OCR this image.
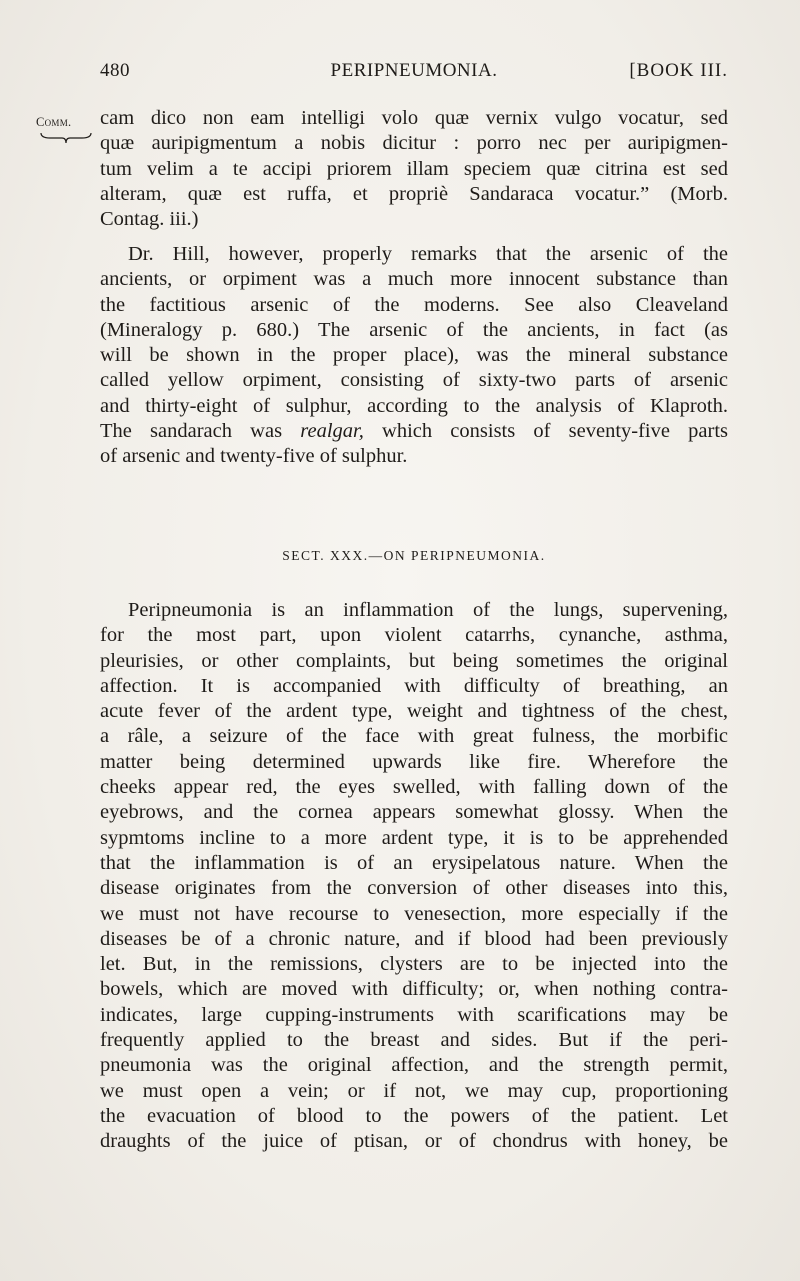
480	PERIPNEUMONIA.	[BOOK III.
Comm.	cam dico non eam intelligi volo quæ vernix vulgo vocatur, sed
quæ auripigmentum a nobis dicitur : porro nec per auripigmen-
tum velim a te accipi priorem illam speciem quæ citrina est sed
alteram, quæ est ruffa, et propriè Sandaraca vocatur.” (Morb.
Contag. iii.)
Dr. Hill, however, properly remarks that the arsenic of the
ancients, or orpiment was a much more innocent substance than
the factitious arsenic of the moderns. See also Cleaveland
(Mineralogy p. 680.) The arsenic of the ancients, in fact (as
will be shown in the proper place), was the mineral substance
called yellow orpiment, consisting of sixty-two parts of arsenic
and thirty-eight of sulphur, according to the analysis of Klaproth.
The sandarach was realgar, which consists of seventy-five parts
of arsenic and twenty-five of sulphur.
SECT. XXX.—ON PERIPNEUMONIA.
Peripneumonia is an inflammation of the lungs, supervening,
for the most part, upon violent catarrhs, cynanche, asthma,
pleurisies, or other complaints, but being sometimes the original
affection. It is accompanied with difficulty of breathing, an
acute fever of the ardent type, weight and tightness of the chest,
a râle, a seizure of the face with great fulness, the morbific
matter being determined upwards like fire. Wherefore the
cheeks appear red, the eyes swelled, with falling down of the
eyebrows, and the cornea appears somewhat glossy. When the
sypmtoms incline to a more ardent type, it is to be apprehended
that the inflammation is of an erysipelatous nature. When the
disease originates from the conversion of other diseases into this,
we must not have recourse to venesection, more especially if the
diseases be of a chronic nature, and if blood had been previously
let. But, in the remissions, clysters are to be injected into the
bowels, which are moved with difficulty; or, when nothing contra-
indicates, large cupping-instruments with scarifications may be
frequently applied to the breast and sides. But if the peri-
pneumonia was the original affection, and the strength permit,
we must open a vein; or if not, we may cup, proportioning
the evacuation of blood to the powers of the patient. Let
draughts of the juice of ptisan, or of chondrus with honey, be
